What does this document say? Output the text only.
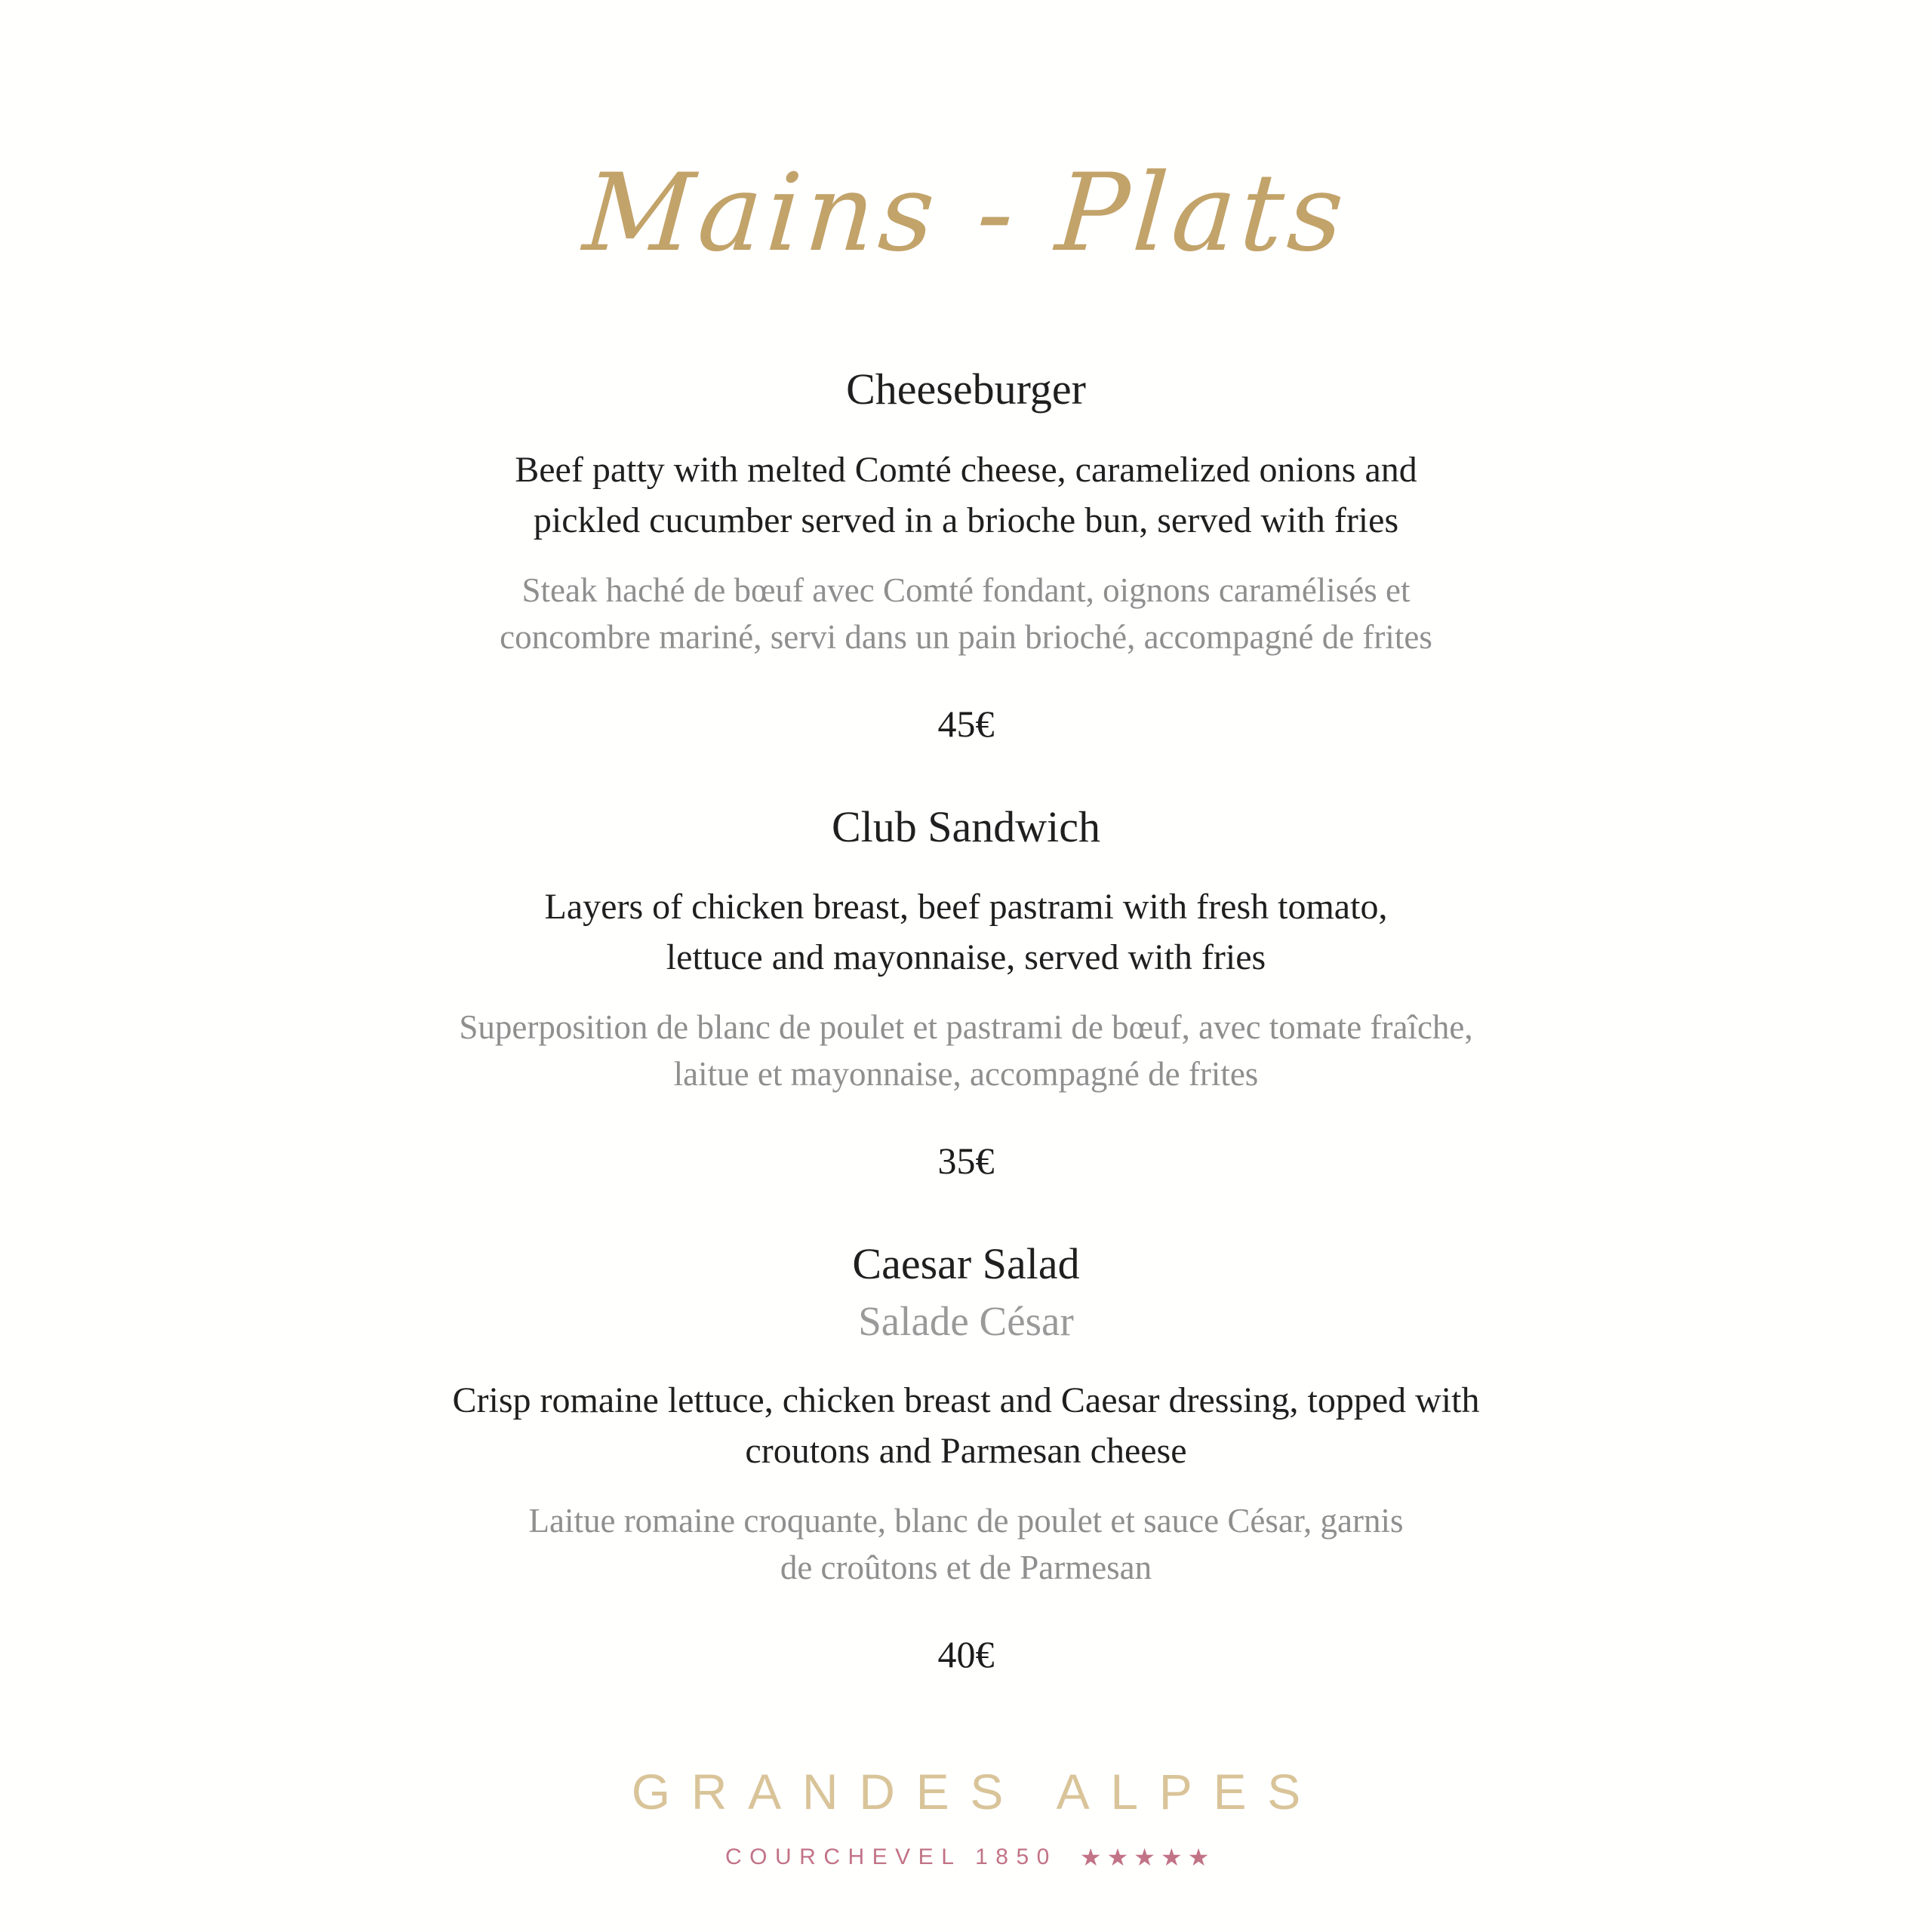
Mains - Plats
Cheeseburger
Beef patty with melted Comté cheese, caramelized onions and
pickled cucumber served in a brioche bun, served with fries
Steak haché de bœuf avec Comté fondant, oignons caramélisés et
concombre mariné, servi dans un pain brioché, accompagné de frites
45€
Club Sandwich
Layers of chicken breast, beef pastrami with fresh tomato,
lettuce and mayonnaise, served with fries
Superposition de blanc de poulet et pastrami de bœuf, avec tomate fraîche,
laitue et mayonnaise, accompagné de frites
35€
Caesar Salad
Salade César
Crisp romaine lettuce, chicken breast and Caesar dressing, topped with
croutons and Parmesan cheese
Laitue romaine croquante, blanc de poulet et sauce César, garnis
de croûtons et de Parmesan
40€
GRANDES ALPES
COURCHEVEL 1850 ★★★★★
